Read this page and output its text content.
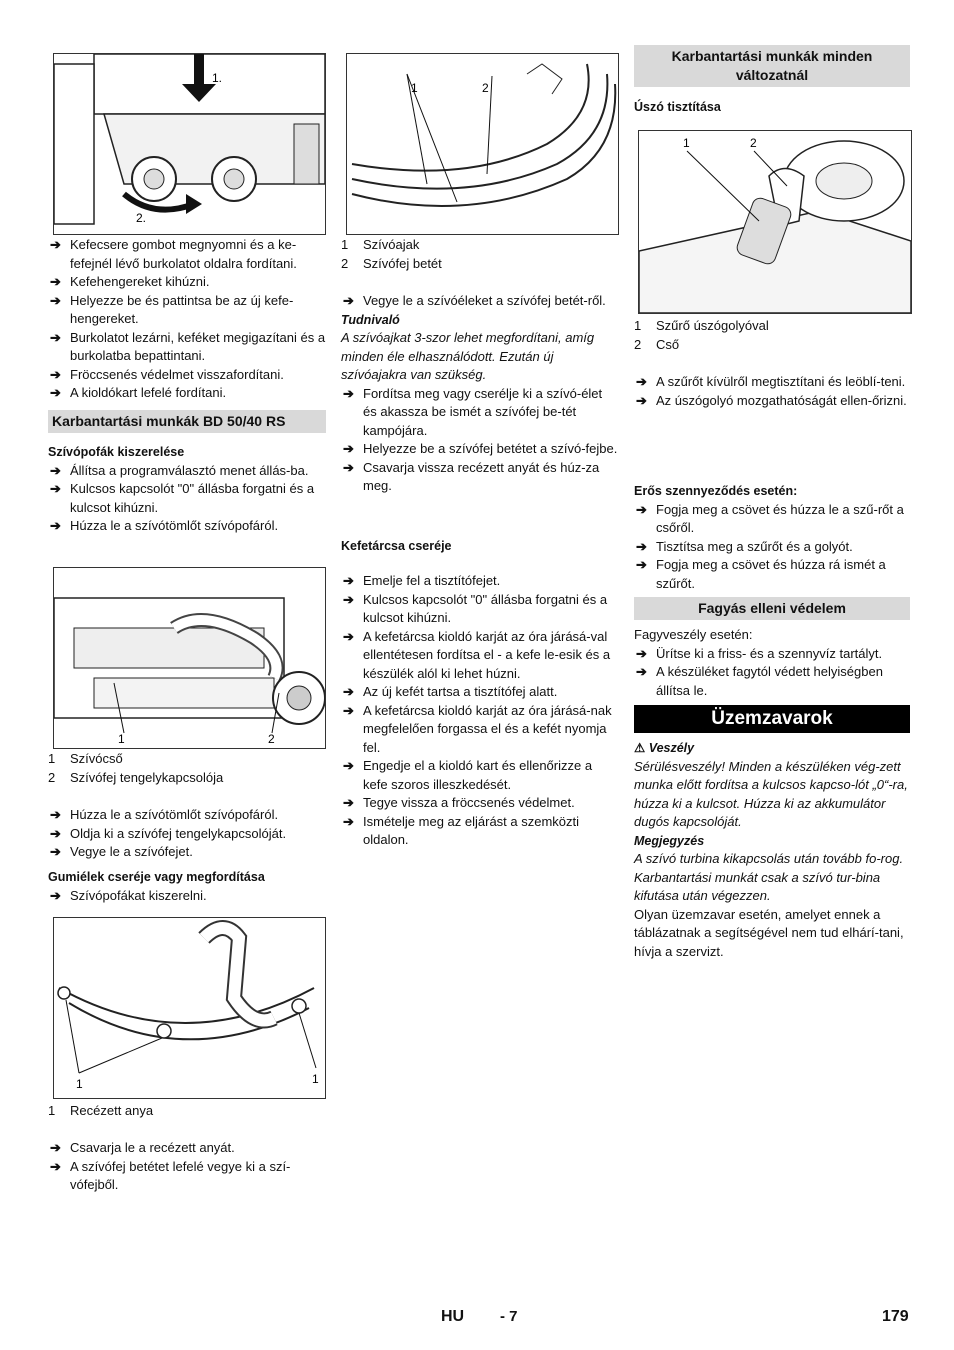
1.
2.

➔ Kefecsere gombot megnyomni és a ke-fefejnél lévő burkolatot oldalra fordítani.

➔ Kefehengereket kihúzni.

➔ Helyezze be és pattintsa be az új kefe-hengereket.

➔ Burkolatot lezárni, keféket megigazítani és a burkolatba bepattintani.

➔ Fröccsenés védelmet visszafordítani.

➔ A kioldókart lefelé fordítani.

Karbantartási munkák BD 50/40 RS

Szívópofák kiszerelése

➔ Állítsa a programválasztó menet állás-ba.

➔ Kulcsos kapcsolót "0" állásba forgatni és a kulcsot kihúzni.

➔ Húzza le a szívótömlőt szívópofáról.

1	2

1	Szívócső

2	Szívófej tengelykapcsolója

➔ Húzza le a szívótömlőt szívópofáról.

➔ Oldja ki a szívófej tengelykapcsolóját.

➔ Vegye le a szívófejet.

Gumiélek cseréje vagy megfordítása

➔ Szívópofákat kiszerelni.

1	1

1	Recézett anya

➔ Csavarja le a recézett anyát.

➔ A szívófej betétet lefelé vegye ki a szí-vófejből.

1	2

1	Szívóajak

2	Szívófej betét

➔ Vegye le a szívóéleket a szívófej betét-ről.

Tudnivaló

A szívóajkat 3-szor lehet megfordítani, amíg minden éle elhasználódott. Ezután új szívóajakra van szükség.

➔ Fordítsa meg vagy cserélje ki a szívó-élet és akassza be ismét a szívófej be-tét kampójára.

➔ Helyezze be a szívófej betétet a szívó-fejbe.

➔ Csavarja vissza recézett anyát és húz-za meg.

Kefetárcsa cseréje

➔ Emelje fel a tisztítófejet.

➔ Kulcsos kapcsolót "0" állásba forgatni és a kulcsot kihúzni.

➔ A kefetárcsa kioldó karját az óra járásá-val ellentétesen fordítsa el - a kefe le-esik és a készülék alól ki lehet húzni.

➔ Az új kefét tartsa a tisztítófej alatt.

➔ A kefetárcsa kioldó karját az óra járásá-nak megfelelően forgassa el és a kefét nyomja fel.

➔ Engedje el a kioldó kart és ellenőrizze a kefe szoros illeszkedését.

➔ Tegye vissza a fröccsenés védelmet.

➔ Ismételje meg az eljárást a szemközti oldalon.

Karbantartási munkák minden változatnál

Úszó tisztítása

1	2

1	Szűrő úszógolyóval

2	Cső

➔ A szűrőt kívülről megtisztítani és leöblí-teni.

➔ Az úszógolyó mozgathatóságát ellen-őrizni.

Erős szennyeződés esetén:

➔ Fogja meg a csövet és húzza le a szű-rőt a csőről.

➔ Tisztítsa meg a szűrőt és a golyót.

➔ Fogja meg a csövet és húzza rá ismét a szűrőt.

Fagyás elleni védelem

Fagyveszély esetén:

➔ Ürítse ki a friss- és a szennyvíz tartályt.

➔ A készüléket fagytól védett helyiségben állítsa le.

Üzemzavarok

⚠ Veszély

Sérülésveszély! Minden a készüléken vég-zett munka előtt fordítsa a kulcsos kapcso-lót „0“-ra, húzza ki a kulcsot. Húzza ki az akkumulátor dugós kapcsolóját.

Megjegyzés

A szívó turbina kikapcsolás után tovább fo-rog. Karbantartási munkát csak a szívó tur-bina kifutása után végezzen.

Olyan üzemzavar esetén, amelyet ennek a táblázatnak a segítségével nem tud elhárí-tani, hívja a szervizt.

HU - 7	179
